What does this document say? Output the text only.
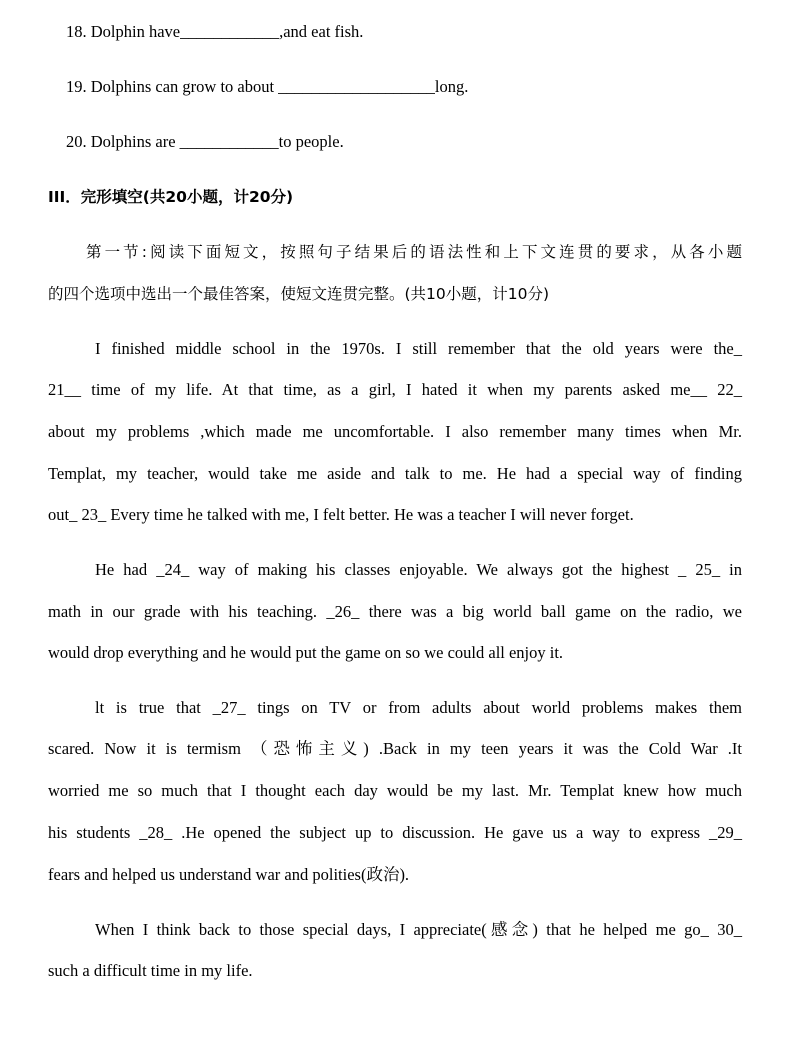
18. Dolphin have____________,and eat fish.
19. Dolphins can grow to about ___________________long.
20. Dolphins are ____________to people.
III．完形填空(共20小题，计20分)
第一节:阅读下面短文，按照句子结果后的语法性和上下文连贯的要求，从各小题
的四个选项中选出一个最佳答案，使短文连贯完整。(共10小题，计10分)
I finished middle school in the 1970s. I still remember that the old years were the_
21__ time of my life. At that time, as a girl, I hated it when my parents asked me__ 22_
about my problems ,which made me uncomfortable. I also remember many times when Mr.
Templat, my teacher, would take me aside and talk to me. He had a special way of finding
out_ 23_ Every time he talked with me, I felt better. He was a teacher I will never forget.
He had _24_ way of making his classes enjoyable. We always got the highest _ 25_ in
math in our grade with his teaching. _26_ there was a big world ball game on the radio, we
would drop everything and he would put the game on so we could all enjoy it.
lt is true that _27_ tings on TV or from adults about world problems makes them
scared. Now it is termism （恐怖主义) .Back in my teen years it was the Cold War .It
worried me so much that I thought each day would be my last. Mr. Templat knew how much
his students _28_ .He opened the subject up to discussion. He gave us a way to express _29_
fears and helped us understand war and polities(政治).
When I think back to those special days, I appreciate(感念) that he helped me go_ 30_
such a difficult time in my life.
